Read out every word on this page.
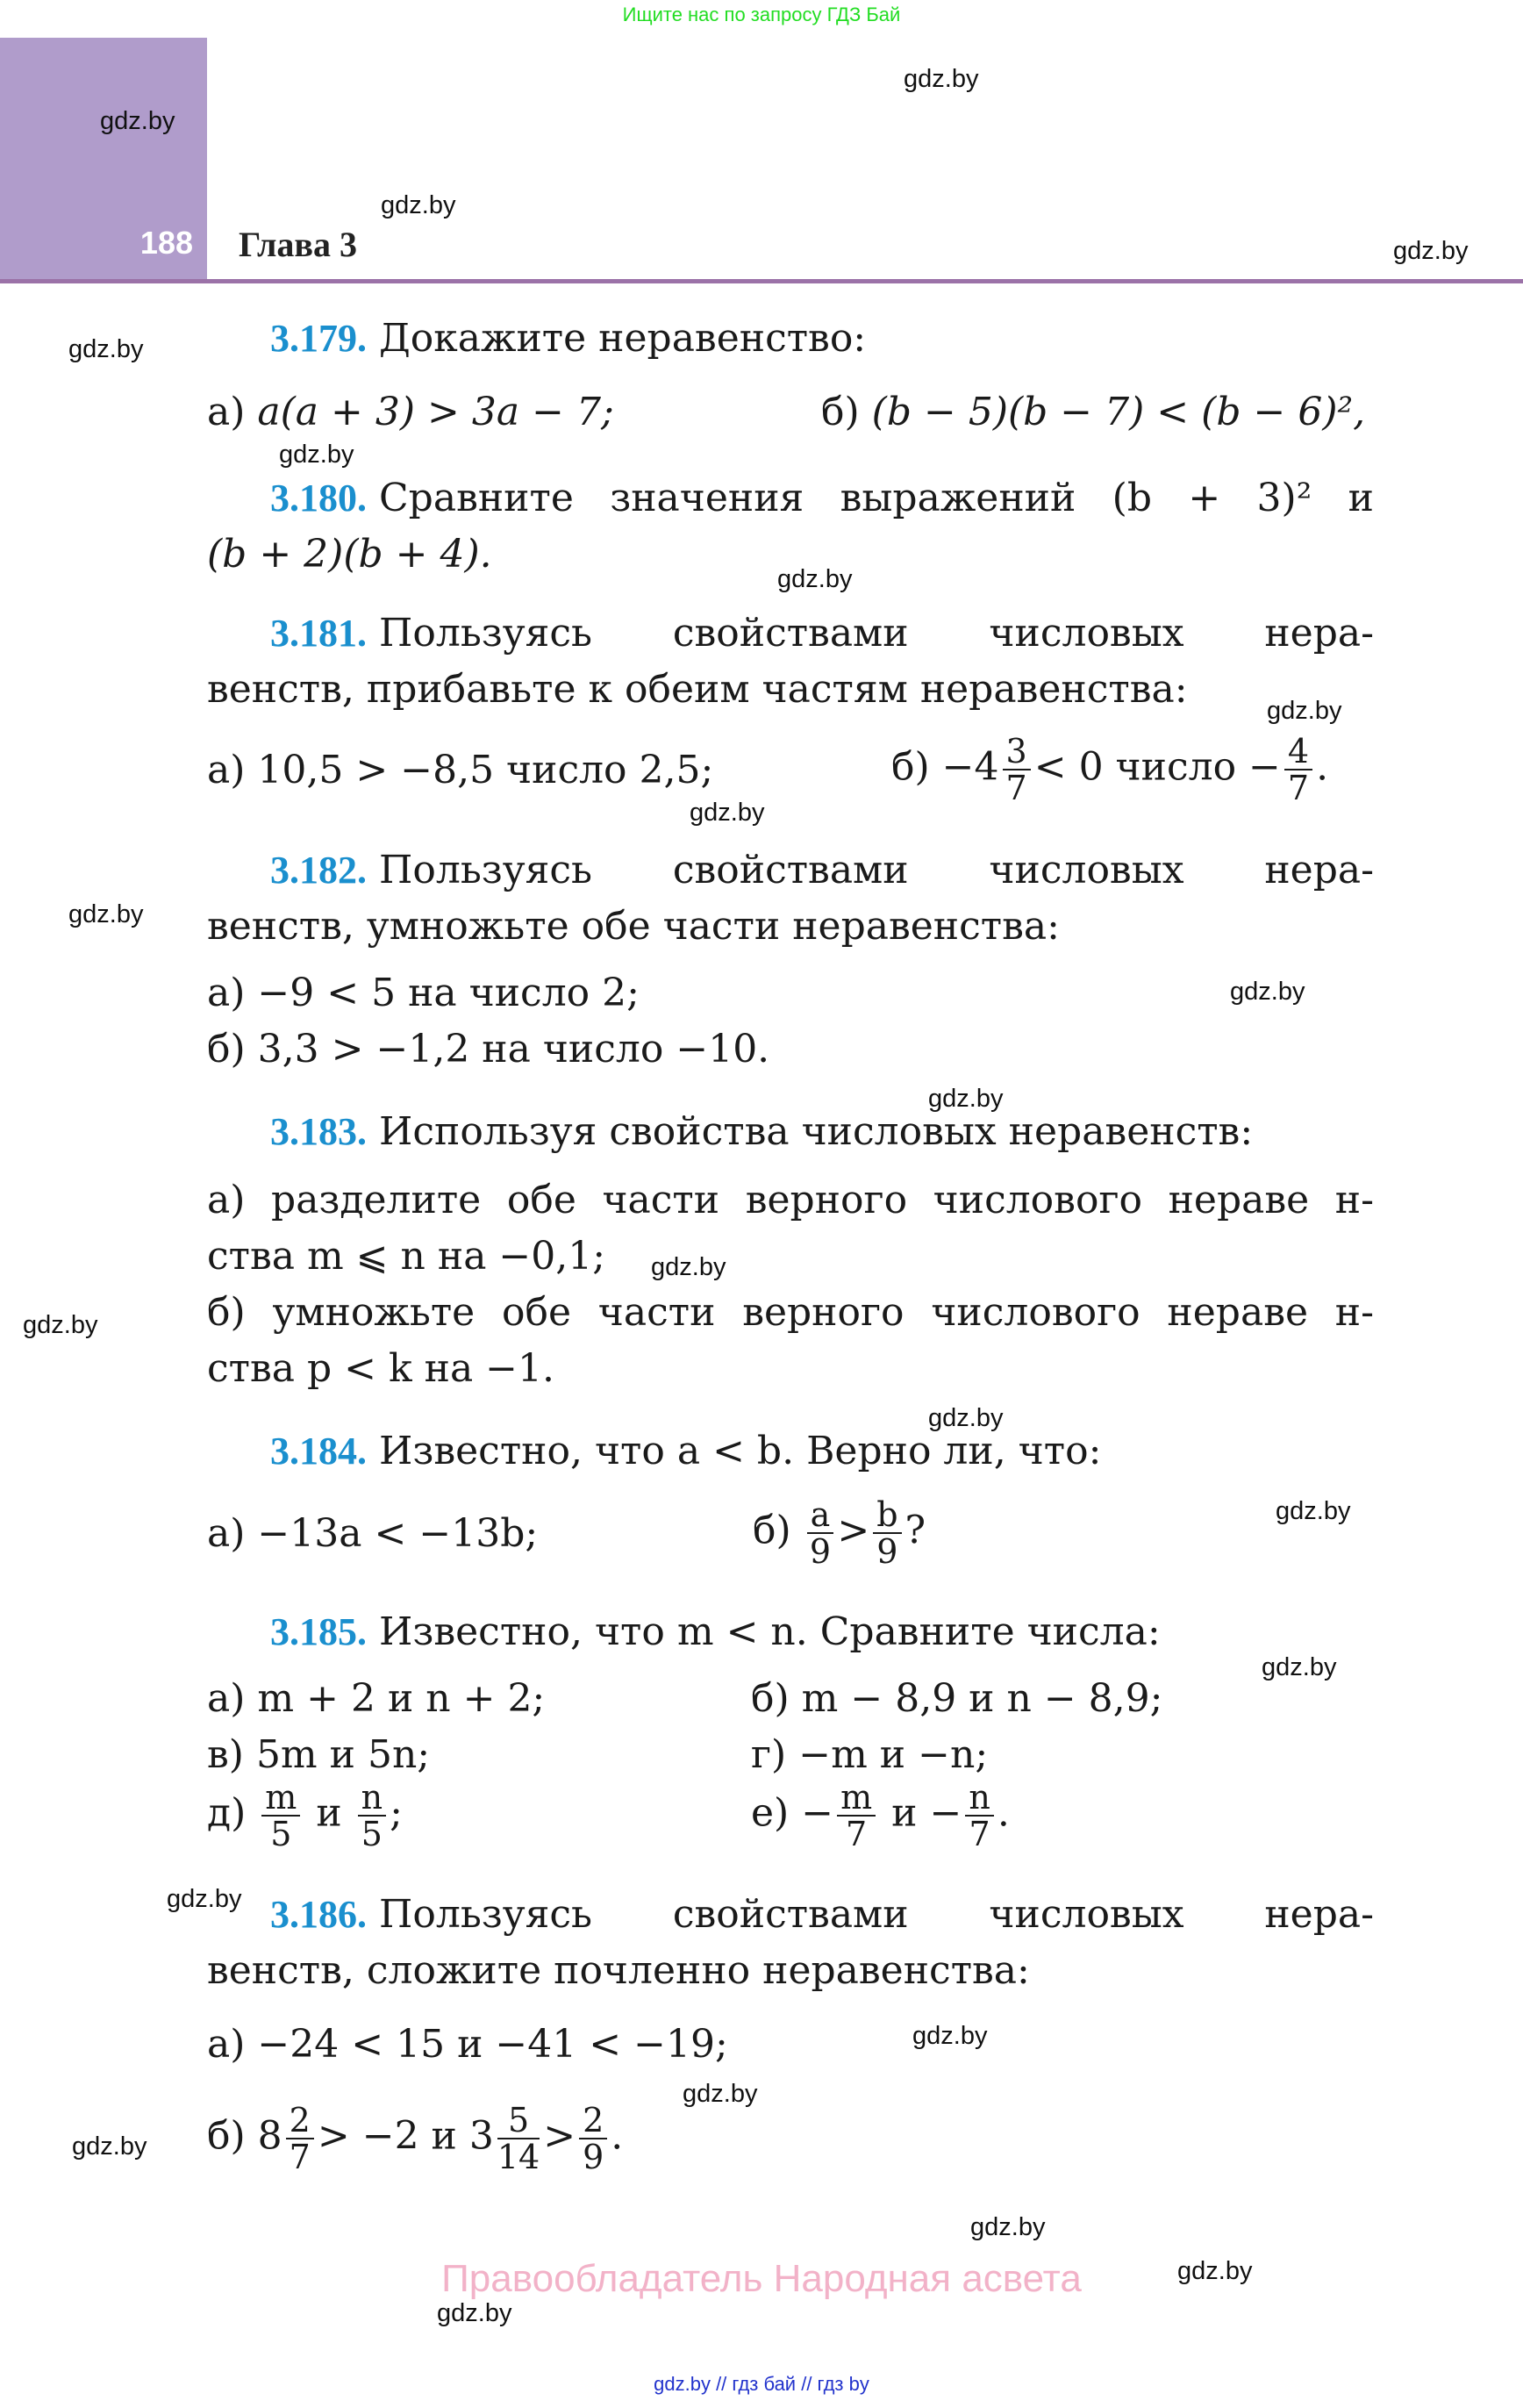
Ищите нас по запросу ГДЗ Бай
188 Глава 3
gdz.by
gdz.by
gdz.by
gdz.by
gdz.by
gdz.by
gdz.by
gdz.by
gdz.by
gdz.by
gdz.by
gdz.by
gdz.by
gdz.by
gdz.by
gdz.by
gdz.by
gdz.by
gdz.by
gdz.by
gdz.by
gdz.by
gdz.by
gdz.by
3.179. Докажите неравенство:
а) a(a + 3) > 3a − 7;	б) (b − 5)(b − 7) < (b − 6)²,
3.180. Сравните значения выражений (b + 3)² и
(b + 2)(b + 4).
3.181. Пользуясь свойствами числовых нера-
венств, прибавьте к обеим частям неравенства:
а) 10,5 > −8,5 число 2,5;	$б) -4 \frac{3}{7} < 0$ число − $\frac{4}{7}$ .
3.182. Пользуясь свойствами числовых нера-
венств, умножьте обе части неравенства:
а) −9 < 5 на число 2;
б) 3,3 > −1,2 на число −10.
3.183. Используя свойства числовых неравенств:
а) разделите обе части верного числового нераве н-
ства m ⩽ n на −0,1;
б) умножьте обе части верного числового нераве н-
ства p < k на −1.
3.184. Известно, что a < b. Верно ли, что:
а) −13a < −13b;	$б) \frac{a}{9} > \frac{b}{9}$ ?
3.185. Известно, что m < n. Сравните числа:
а) m + 2 и n + 2;	б) m − 8,9 и n − 8,9;
в) 5m и 5n;	г) −m и −n;
$д) \frac{m}{5}$ и $\frac{n}{5}$ ;	$е) - \frac{m}{7}$ $и - \frac{n}{7}$ .
3.186. Пользуясь свойствами числовых нера-
венств, сложите почленно неравенства:
а) −24 < 15 и −41 < −19;
б) $8 \frac{2}{7} > -2$ и $3 \frac{5}{14} > \frac{2}{9}$ .
Правообладатель Народная асвета
gdz.by // гдз бай // гдз by
